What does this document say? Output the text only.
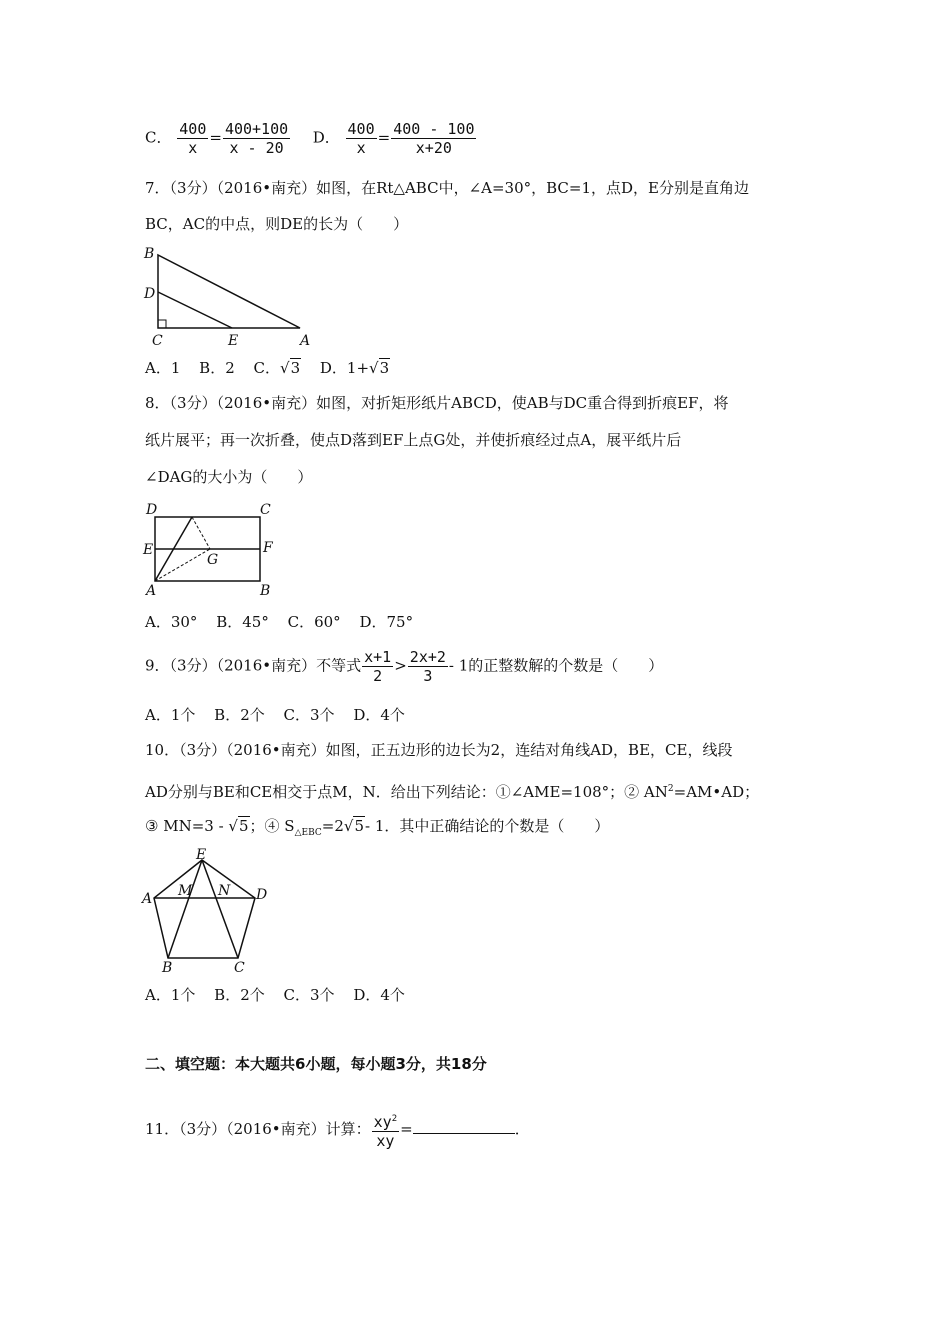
C． $\frac{400}{x} = \frac{400+100}{x - 20}$ D． $\frac{400}{x} = \frac{400 - 100}{x+20}$
7．（3分）（2016•南充）如图，在Rt△ABC中，∠A=30°，BC=1，点D，E分别是直角边
BC，AC的中点，则DE的长为（　　）
B
D
C	E	A
A．1 B．2 C．√3 D．1+√3
8．（3分）（2016•南充）如图，对折矩形纸片ABCD，使AB与DC重合得到折痕EF，将
纸片展平；再一次折叠，使点D落到EF上点G处，并使折痕经过点A，展平纸片后
∠DAG的大小为（　　）
D	C
E	F
G
A	B
A．30° B．45° C．60° D．75°
9．（3分）（2016•南充）不等式 $\frac{x+1}{2} > \frac{2x+2}{3} - 1$的正整数解的个数是（　　）
A．1个 B．2个 C．3个 D．4个
10．（3分）（2016•南充）如图，正五边形的边长为2，连结对角线AD，BE，CE，线段
AD分别与BE和CE相交于点M，N．给出下列结论：①∠AME=108°；② $AN^2=AM•AD$；
③ MN=3 - √5；④ $S_{\triangle EBC}=2√5-$ 1．其中正确结论的个数是（　　）
E
A M N D
B	C
A．1个 B．2个 C．3个 D．4个
二、填空题：本大题共6小题，每小题3分，共18分
11．（3分）（2016•南充）计算： $\frac{xy^2}{xy}$ =	．
